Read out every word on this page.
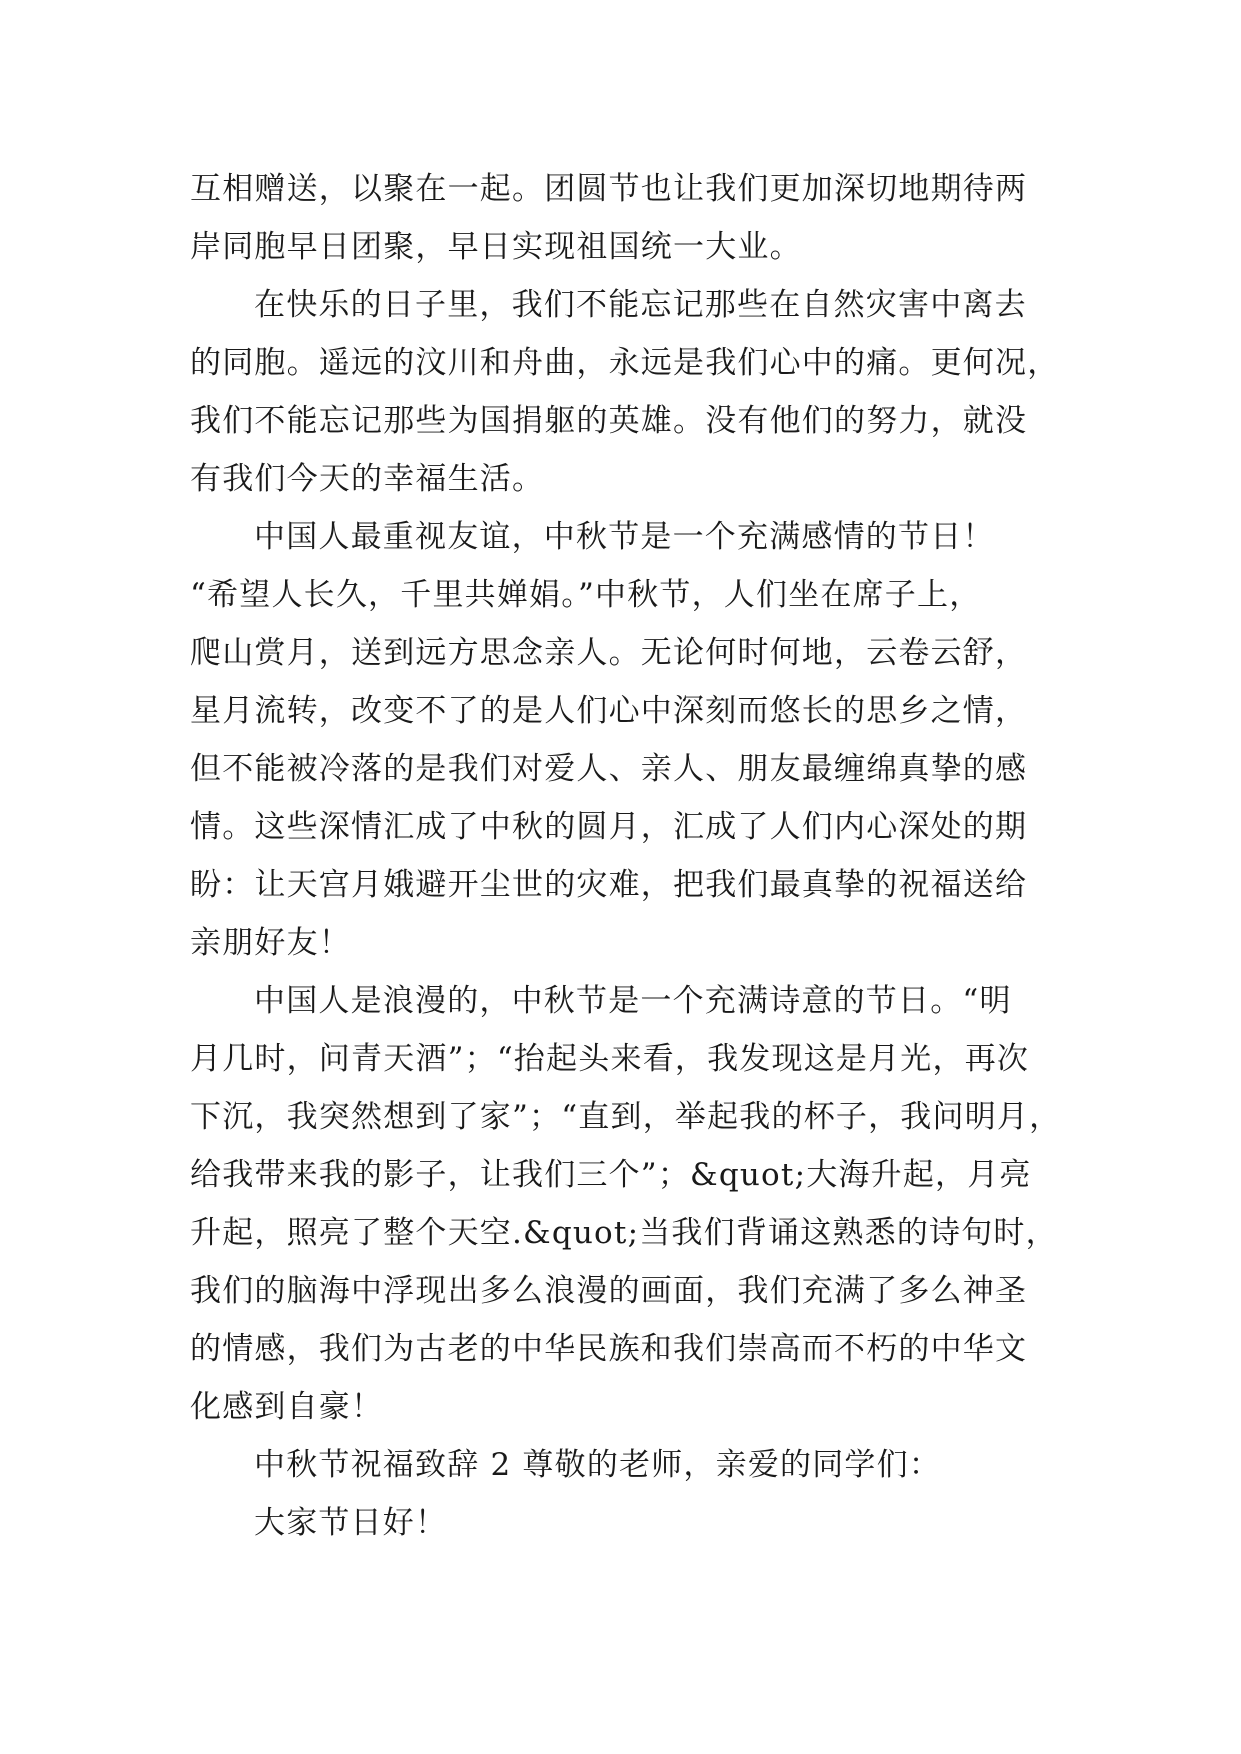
互相赠送，以聚在一起。团圆节也让我们更加深切地期待两
岸同胞早日团聚，早日实现祖国统一大业。
在快乐的日子里，我们不能忘记那些在自然灾害中离去
的同胞。遥远的汶川和舟曲，永远是我们心中的痛。更何况，
我们不能忘记那些为国捐躯的英雄。没有他们的努力，就没
有我们今天的幸福生活。
中国人最重视友谊，中秋节是一个充满感情的节日！
“希望人长久，千里共婵娟。”中秋节，人们坐在席子上，
爬山赏月，送到远方思念亲人。无论何时何地，云卷云舒，
星月流转，改变不了的是人们心中深刻而悠长的思乡之情，
但不能被冷落的是我们对爱人、亲人、朋友最缠绵真挚的感
情。这些深情汇成了中秋的圆月，汇成了人们内心深处的期
盼：让天宫月娥避开尘世的灾难，把我们最真挚的祝福送给
亲朋好友！
中国人是浪漫的，中秋节是一个充满诗意的节日。“明
月几时，问青天酒”；“抬起头来看，我发现这是月光，再次
下沉，我突然想到了家”；“直到，举起我的杯子，我问明月，
给我带来我的影子，让我们三个”；&quot;大海升起，月亮
升起，照亮了整个天空.&quot;当我们背诵这熟悉的诗句时，
我们的脑海中浮现出多么浪漫的画面，我们充满了多么神圣
的情感，我们为古老的中华民族和我们崇高而不朽的中华文
化感到自豪！
中秋节祝福致辞 2 尊敬的老师，亲爱的同学们：
大家节日好！
